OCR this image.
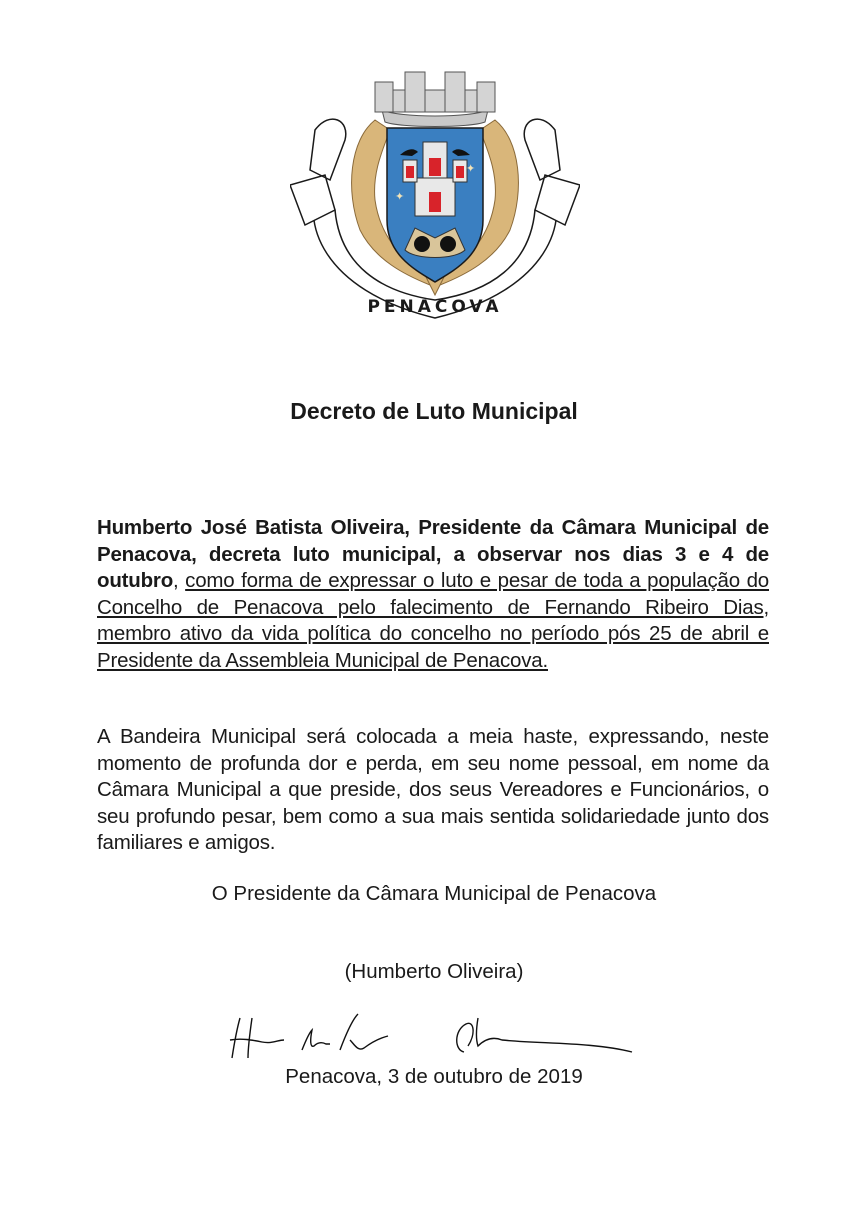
PENACOVA
✦
✦
Decreto de Luto Municipal
Humberto José Batista Oliveira, Presidente da Câmara Municipal de Penacova, decreta luto municipal, a observar nos dias 3 e 4 de outubro, como forma de expressar o luto e pesar de toda a população do Concelho de Penacova pelo falecimento de Fernando Ribeiro Dias, membro ativo da vida política do concelho no período pós 25 de abril e Presidente da Assembleia Municipal de Penacova.
A Bandeira Municipal será colocada a meia haste, expressando, neste momento de profunda dor e perda, em seu nome pessoal, em nome da Câmara Municipal a que preside, dos seus Vereadores e Funcionários, o seu profundo pesar, bem como a sua mais sentida solidariedade junto dos familiares e amigos.
O Presidente da Câmara Municipal de Penacova
(Humberto Oliveira)
Penacova, 3 de outubro de 2019
